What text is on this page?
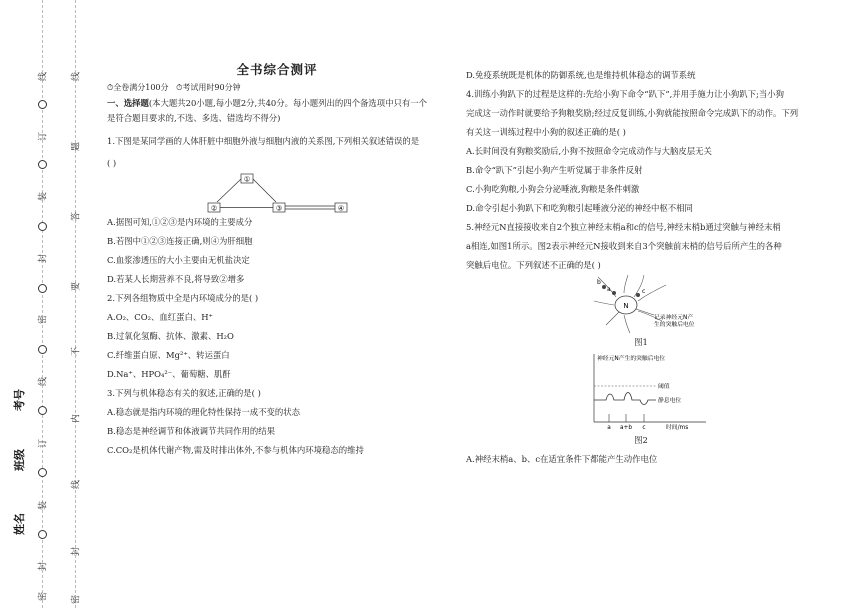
线
订
装
封
密
线
订
装
封
密
线
题
答
要
不
内
线
封
密
考号
班级
姓名

全书综合测评

⏱全卷满分100分 ⏱考试用时90分钟

一、选择题(本大题共20小题,每小题2分,共40分。每小题列出的四个备选项中只有一个

是符合题目要求的,不选、多选、错选均不得分)

1.下图是某同学画的人体肝脏中细胞外液与细胞内液的关系图,下列相关叙述错误的是

( )

①
②	③	④

A.据图可知,①②③是内环境的主要成分

B.若图中①②③连接正确,则④为肝细胞

C.血浆渗透压的大小主要由无机盐决定

D.若某人长期营养不良,将导致②增多

2.下列各组物质中全是内环境成分的是( )

A.O₂、CO₂、血红蛋白、H⁺

B.过氧化氢酶、抗体、激素、H₂O

C.纤维蛋白原、Mg²⁺、转运蛋白

D.Na⁺、HPO₄²⁻、葡萄糖、肌酐

3.下列与机体稳态有关的叙述,正确的是( )

A.稳态就是指内环境的理化特性保持一成不变的状态

B.稳态是神经调节和体液调节共同作用的结果

C.CO₂是机体代谢产物,需及时排出体外,不参与机体内环境稳态的维持

D.免疫系统既是机体的防御系统,也是维持机体稳态的调节系统

4.训练小狗趴下的过程是这样的:先给小狗下命令“趴下”,并用手施力让小狗趴下;当小狗

完成这一动作时就要给予狗粮奖励;经过反复训练,小狗就能按照命令完成趴下的动作。下列

有关这一训练过程中小狗的叙述正确的是( )

A.长时间没有狗粮奖励后,小狗不按照命令完成动作与大脑皮层无关

B.命令“趴下”引起小狗产生听觉属于非条件反射

C.小狗吃狗粮,小狗会分泌唾液,狗粮是条件刺激

D.命令引起小狗趴下和吃狗粮引起唾液分泌的神经中枢不相同

5.神经元N直接接收来自2个独立神经末梢a和c的信号,神经末梢b通过突触与神经末梢

a相连,如图1所示。图2表示神经元N接收到来自3个突触前末梢的信号后所产生的各种

突触后电位。下列叙述不正确的是( )

N
a
b
c
记录神经元N产
生的突触后电位

图1

神经元N产生的突触后电位
阈值
静息电位
a a+b c	时间/ms

图2

A.神经末梢a、b、c在适宜条件下都能产生动作电位
